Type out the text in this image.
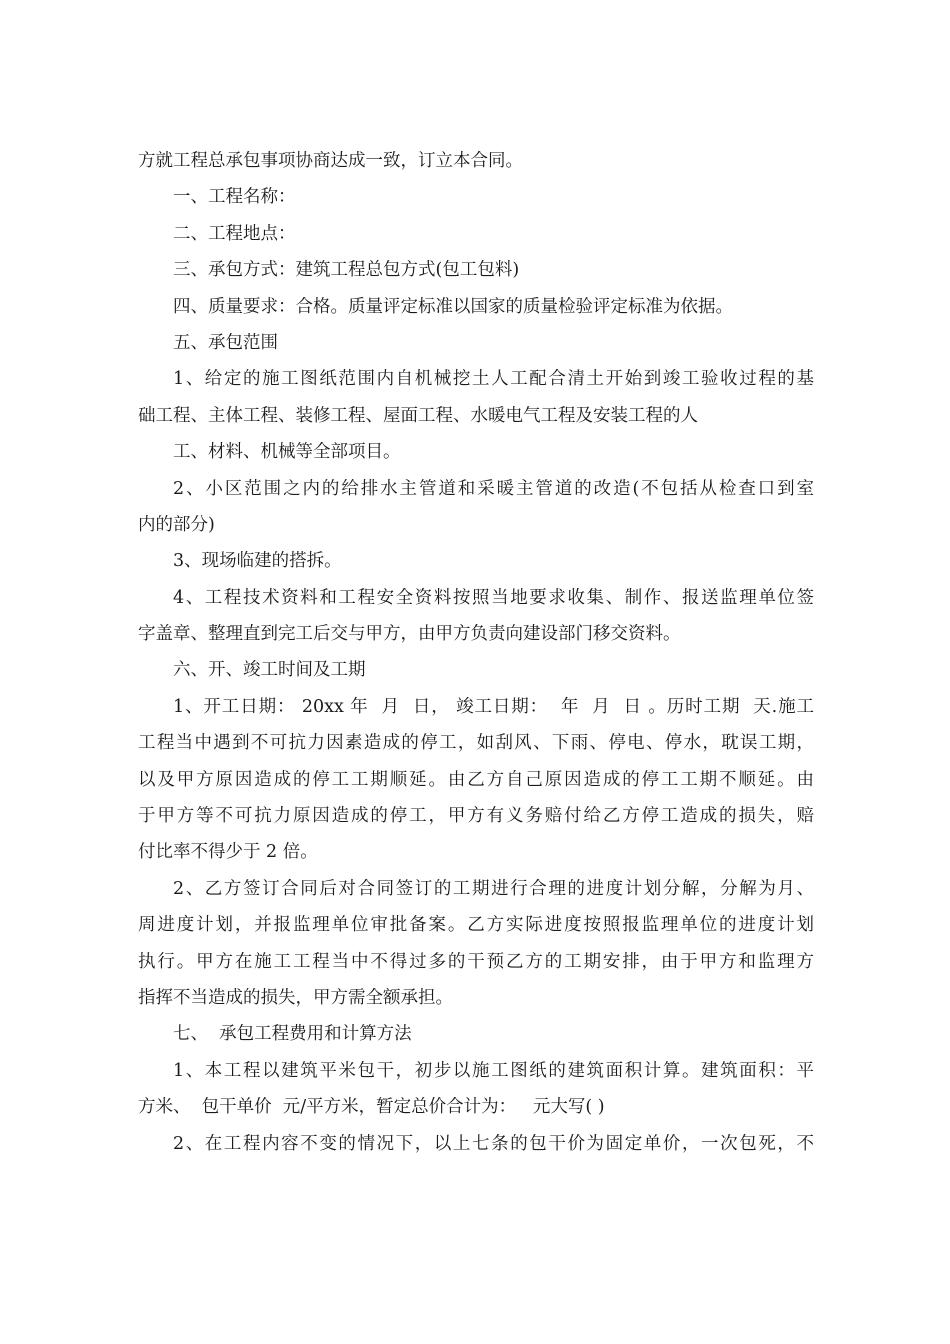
方就工程总承包事项协商达成一致，订立本合同。
一、工程名称：
二、工程地点：
三、承包方式：建筑工程总包方式(包工包料)
四、质量要求：合格。质量评定标准以国家的质量检验评定标准为依据。
五、承包范围
1、给定的施工图纸范围内自机械挖土人工配合清土开始到竣工验收过程的基
础工程、主体工程、装修工程、屋面工程、水暖电气工程及安装工程的人
工、材料、机械等全部项目。
2、小区范围之内的给排水主管道和采暖主管道的改造(不包括从检查口到室
内的部分)
3、现场临建的搭拆。
4、工程技术资料和工程安全资料按照当地要求收集、制作、报送监理单位签
字盖章、整理直到完工后交与甲方，由甲方负责向建设部门移交资料。
六、开、竣工时间及工期
1、开工日期： 20xx 年  月  日， 竣工日期：  年  月  日 。历时工期  天.施工
工程当中遇到不可抗力因素造成的停工，如刮风、下雨、停电、停水，耽误工期，
以及甲方原因造成的停工工期顺延。由乙方自己原因造成的停工工期不顺延。由
于甲方等不可抗力原因造成的停工，甲方有义务赔付给乙方停工造成的损失，赔
付比率不得少于 2 倍。
2、乙方签订合同后对合同签订的工期进行合理的进度计划分解，分解为月、
周进度计划，并报监理单位审批备案。乙方实际进度按照报监理单位的进度计划
执行。甲方在施工工程当中不得过多的干预乙方的工期安排，由于甲方和监理方
指挥不当造成的损失，甲方需全额承担。
七、  承包工程费用和计算方法
1、本工程以建筑平米包干，初步以施工图纸的建筑面积计算。建筑面积：平
方米、  包干单价  元/平方米，暂定总价合计为：   元大写( )
2、在工程内容不变的情况下，以上七条的包干价为固定单价，一次包死，不
